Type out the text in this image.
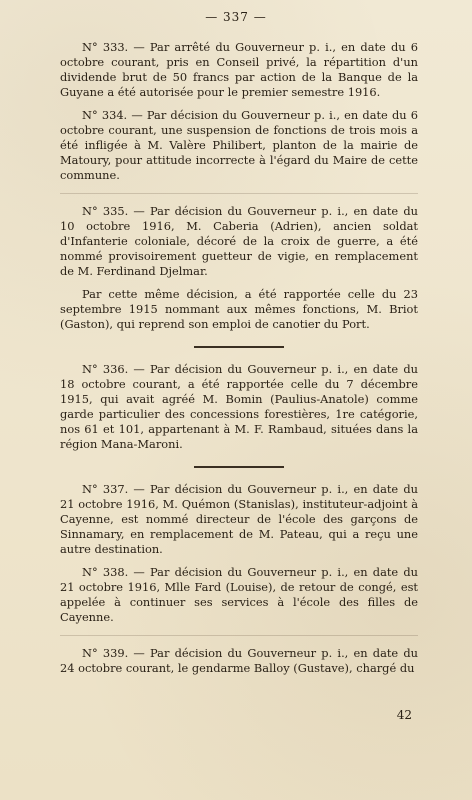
— 337 —

N° 333. — Par arrêté du Gouverneur p. i., en date du 6 octobre courant, pris en Conseil privé, la répartition d'un dividende brut de 50 francs par action de la Banque de la Guyane a été autorisée pour le premier semestre 1916.

N° 334. — Par décision du Gouverneur p. i., en date du 6 octobre courant, une suspension de fonctions de trois mois a été infligée à M. Valère Philibert, planton de la mairie de Matoury, pour attitude incorrecte à l'égard du Maire de cette commune.

N° 335. — Par décision du Gouverneur p. i., en date du 10 octobre 1916, M. Caberia (Adrien), ancien soldat d'Infanterie coloniale, décoré de la croix de guerre, a été nommé provisoirement guetteur de vigie, en remplacement de M. Ferdinand Djelmar.

Par cette même décision, a été rapportée celle du 23 septembre 1915 nommant aux mêmes fonctions, M. Briot (Gaston), qui reprend son emploi de canotier du Port.

N° 336. — Par décision du Gouverneur p. i., en date du 18 octobre courant, a été rapportée celle du 7 décembre 1915, qui avait agréé M. Bomin (Paulius-Anatole) comme garde particulier des concessions forestières, 1re catégorie, nos 61 et 101, appartenant à M. F. Rambaud, situées dans la région Mana-Maroni.

N° 337. — Par décision du Gouverneur p. i., en date du 21 octobre 1916, M. Quémon (Stanislas), instituteur-adjoint à Cayenne, est nommé directeur de l'école des garçons de Sinnamary, en remplacement de M. Pateau, qui a reçu une autre destination.

N° 338. — Par décision du Gouverneur p. i., en date du 21 octobre 1916, Mlle Fard (Louise), de retour de congé, est appelée à continuer ses services à l'école des filles de Cayenne.

N° 339. — Par décision du Gouverneur p. i., en date du 24 octobre courant, le gendarme Balloy (Gustave), chargé du

42
